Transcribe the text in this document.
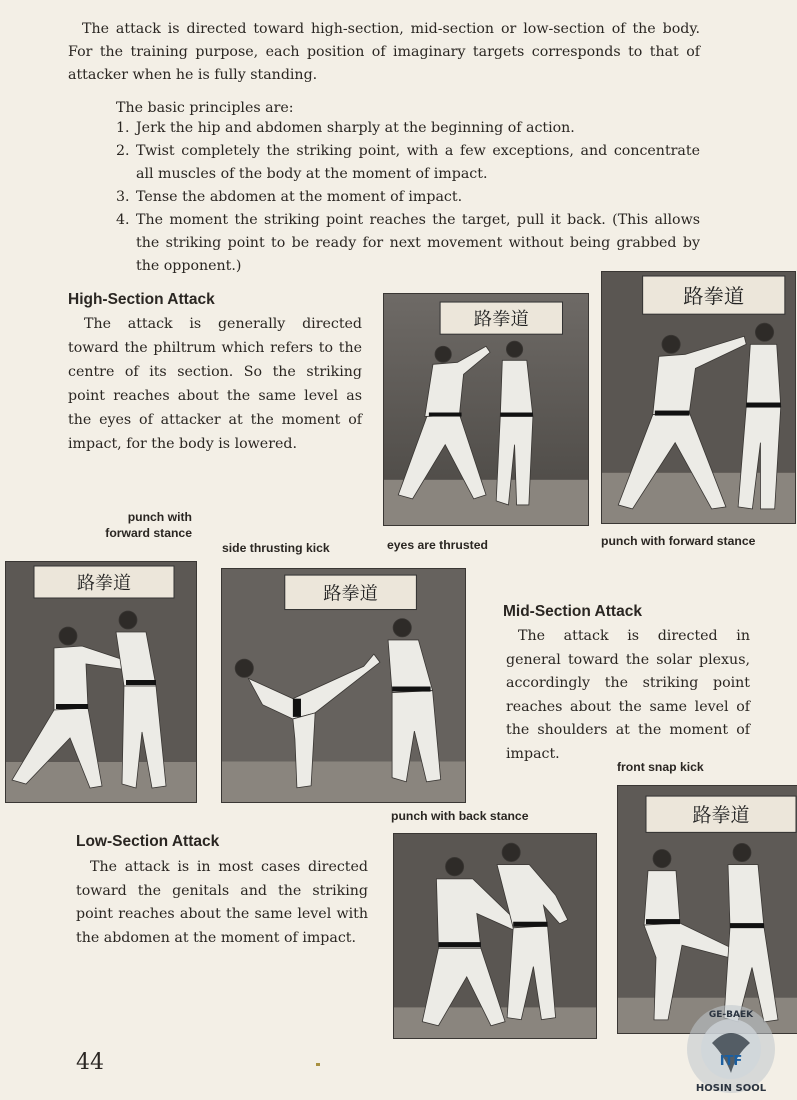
The attack is directed toward high-section, mid-section or low-section of the body. For the training purpose, each position of imaginary targets corresponds to that of attacker when he is fully standing.

The basic principles are:
1. Jerk the hip and abdomen sharply at the beginning of action.
2. Twist completely the striking point, with a few exceptions, and concentrate all muscles of the body at the moment of impact.
3. Tense the abdomen at the moment of impact.
4. The moment the striking point reaches the target, pull it back. (This allows the striking point to be ready for next movement without being grabbed by the opponent.)
High-Section Attack

The attack is generally directed toward the philtrum which refers to the centre of its section. So the striking point reaches about the same level as the eyes of attacker at the moment of impact, for the body is lowered.

路拳道
路拳道
eyes are thrusted	punch with forward stance
punch with forward stance
side thrusting kick
路拳道	路拳道
Mid-Section Attack

The attack is directed in general toward the solar plexus, accordingly the striking point reaches about the same level of the shoulders at the moment of impact.

front snap kick
punch with back stance
Low-Section Attack

The attack is in most cases directed toward the genitals and the striking point reaches about the same level with the abdomen at the moment of impact.

路拳道
44
GE-BAEK
ITF
HOSIN SOOL
